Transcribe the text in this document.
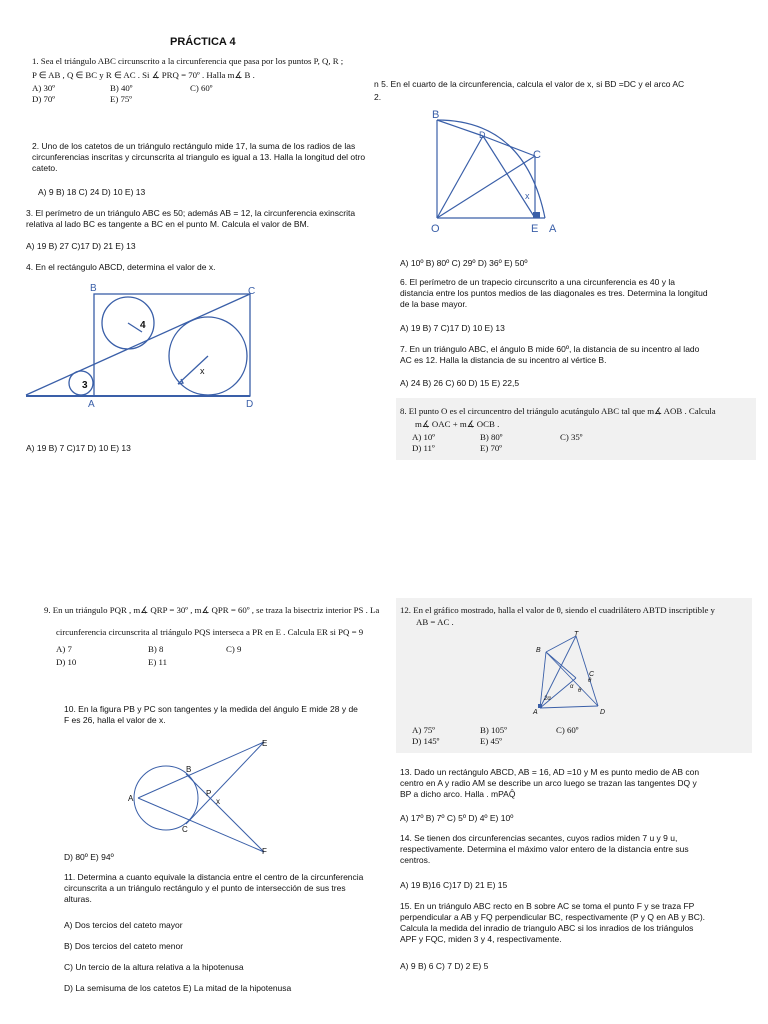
PRÁCTICA 4
1. Sea el triángulo ABC circunscrito a la circunferencia que pasa por los puntos P, Q, R ;
P ∈ AB , Q ∈ BC y R ∈ AC . Si ∡ PRQ = 70º . Halla m∡ B .
A) 30º	B) 40º	C) 60º
D) 70º	E) 75º
2. Uno de los catetos de un triángulo rectángulo mide 17, la suma de los radios de las circunferencias inscritas y circunscrita al triangulo es igual a 13. Halla la longitud del otro cateto.
A) 9 B) 18 C) 24 D) 10 E) 13
3. El perímetro de un triángulo ABC es 50; además AB = 12, la circunferencia exinscrita relativa al lado BC es tangente a BC en el punto M. Calcula el valor de BM.
A) 19 B) 27 C)17 D) 21 E) 13
4. En el rectángulo ABCD, determina el valor de x.
B	C
A	D
4
3
x
A) 19 B) 7 C)17 D) 10 E) 13
n 5. En el cuarto de la circunferencia, calcula el valor de x, si BD =DC y el arco AC
2.
B
D
C
x
O	E A
A) 10º B) 80º C) 29º D) 36º E) 50º
6. El perímetro de un trapecio circunscrito a una circunferencia es 40 y la distancia entre los puntos medios de las diagonales es tres. Determina la longitud de la base mayor.
A) 19 B) 7 C)17 D) 10 E) 13
7. En un triángulo ABC, el ángulo B mide 60º, la distancia de su incentro al lado AC es 12. Halla la distancia de su incentro al vértice B.
A) 24 B) 26 C) 60 D) 15 E) 22,5
8. El punto O es el circuncentro del triángulo acutángulo ABC tal que m∡ AOB . Calcula
m∡ OAC + m∡ OCB .
A) 10º	B) 80º	C) 35º
D) 11º	E) 70º
9. En un triángulo PQR , m∡ QRP = 30º , m∡ QPR = 60º , se traza la bisectriz interior PS . La
circunferencia circunscrita al triángulo PQS interseca a PR en E . Calcula ER si PQ = 9
A) 7	B) 8	C) 9
D) 10	E) 11
10. En la figura PB y PC son tangentes y la medida del ángulo E mide 28 y de F es 26, halla el valor de x.
A
B
E
P
x
C
F
D) 80º E) 94º
11. Determina a cuanto equivale la distancia entre el centro de la circunferencia circunscrita a un triángulo rectángulo y el punto de intersección de sus tres alturas.
A) Dos tercios del cateto mayor
B) Dos tercios del cateto menor
C) Un tercio de la altura relativa a la hipotenusa
D) La semisuma de los catetos E) La mitad de la hipotenusa
12. En el gráfico mostrado, halla el valor de θ, siendo el cuadrilátero ABTD inscriptible y
AB = AC .
T
B
C
A	D
2α
α
θ
θ
A) 75º	B) 105º	C) 60º
D) 145º	E) 45º
13. Dado un rectángulo ABCD, AB = 16, AD =10 y M es punto medio de AB con centro en A y radio AM se describe un arco luego se trazan las tangentes DQ y BP a dicho arco. Halla . mPAQ̂
A) 17º B) 7º C) 5º D) 4º E) 10º
14. Se tienen dos circunferencias secantes, cuyos radios miden 7 u y 9 u, respectivamente. Determina el máximo valor entero de la distancia entre sus centros.
A) 19 B)16 C)17 D) 21 E) 15
15. En un triángulo ABC recto en B sobre AC se toma el punto F y se traza FP perpendicular a AB y FQ perpendicular BC, respectivamente (P y Q en AB y BC). Calcula la medida del inradio de triangulo ABC si los inradios de los triángulos APF y FQC, miden 3 y 4, respectivamente.
A) 9 B) 6 C) 7 D) 2 E) 5
